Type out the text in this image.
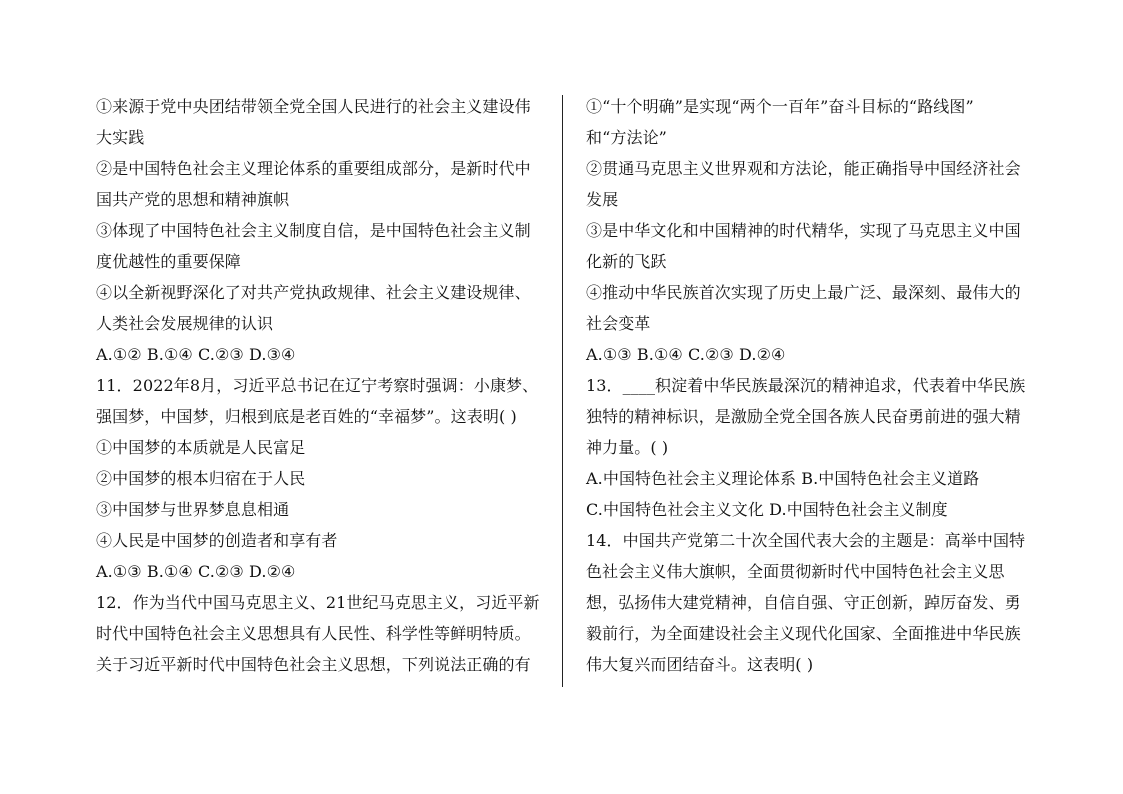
①来源于党中央团结带领全党全国人民进行的社会主义建设伟
大实践
②是中国特色社会主义理论体系的重要组成部分，是新时代中
国共产党的思想和精神旗帜
③体现了中国特色社会主义制度自信，是中国特色社会主义制
度优越性的重要保障
④以全新视野深化了对共产党执政规律、社会主义建设规律、
人类社会发展规律的认识
A.①② B.①④ C.②③ D.③④
11．2022年8月，习近平总书记在辽宁考察时强调：小康梦、
强国梦，中国梦，归根到底是老百姓的“幸福梦”。这表明( )
①中国梦的本质就是人民富足
②中国梦的根本归宿在于人民
③中国梦与世界梦息息相通
④人民是中国梦的创造者和享有者
A.①③ B.①④ C.②③ D.②④
12．作为当代中国马克思主义、21世纪马克思主义，习近平新
时代中国特色社会主义思想具有人民性、科学性等鲜明特质。
关于习近平新时代中国特色社会主义思想，下列说法正确的有
①“十个明确”是实现“两个一百年”奋斗目标的“路线图”
和“方法论”
②贯通马克思主义世界观和方法论，能正确指导中国经济社会
发展
③是中华文化和中国精神的时代精华，实现了马克思主义中国
化新的飞跃
④推动中华民族首次实现了历史上最广泛、最深刻、最伟大的
社会变革
A.①③ B.①④ C.②③ D.②④
13．____积淀着中华民族最深沉的精神追求，代表着中华民族
独特的精神标识，是激励全党全国各族人民奋勇前进的强大精
神力量。( )
A.中国特色社会主义理论体系 B.中国特色社会主义道路
C.中国特色社会主义文化 D.中国特色社会主义制度
14．中国共产党第二十次全国代表大会的主题是：高举中国特
色社会主义伟大旗帜，全面贯彻新时代中国特色社会主义思
想，弘扬伟大建党精神，自信自强、守正创新，踔厉奋发、勇
毅前行，为全面建设社会主义现代化国家、全面推进中华民族
伟大复兴而团结奋斗。这表明( )
